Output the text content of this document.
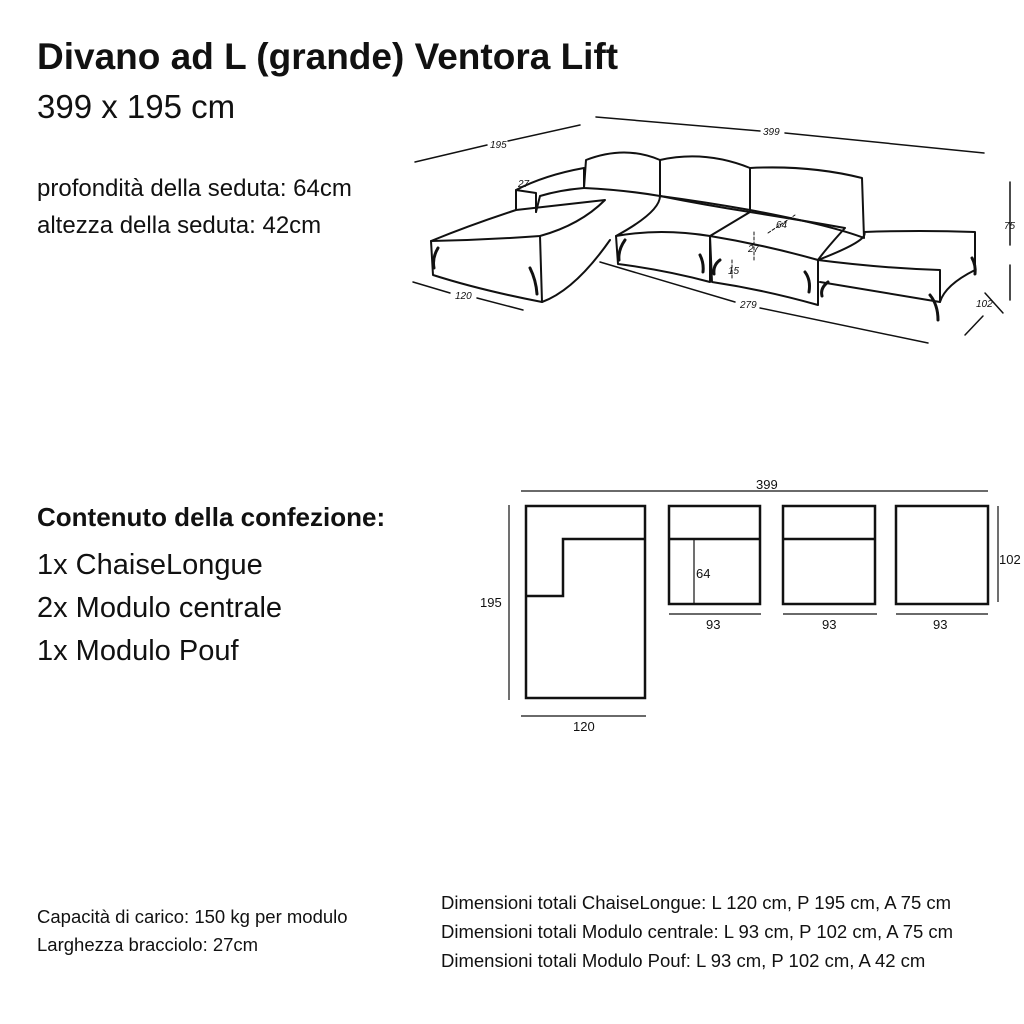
Divano ad L (grande) Ventora Lift
399 x 195 cm
profondità della seduta: 64cm
altezza della seduta: 42cm
195
399
75
120
279	102
27
64
27
15
Contenuto della confezione:
1x ChaiseLongue
2x Modulo centrale
1x Modulo Pouf
399
195
120
64
102
93	93	93
Capacità di carico: 150 kg per modulo
Larghezza bracciolo: 27cm
Dimensioni totali ChaiseLongue: L 120 cm, P 195 cm, A 75 cm
Dimensioni totali Modulo centrale: L 93 cm, P 102 cm, A 75 cm
Dimensioni totali Modulo Pouf: L 93 cm, P 102 cm, A 42 cm
